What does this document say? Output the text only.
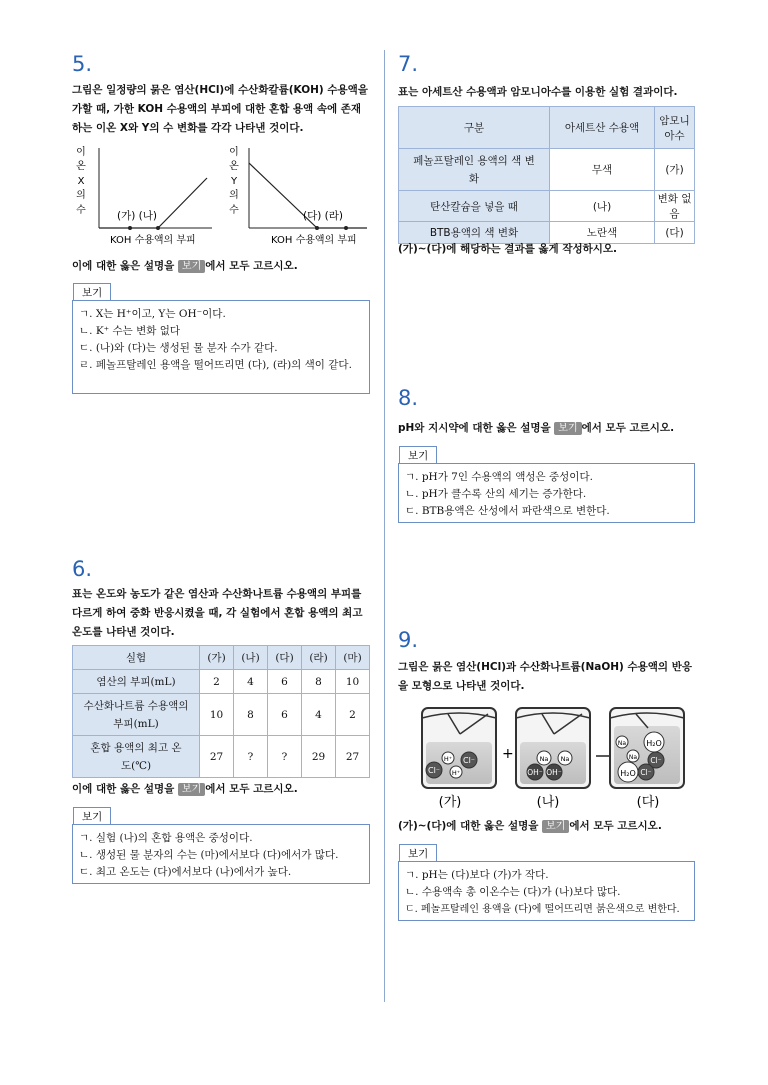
5.
그림은 일정량의 묽은 염산(HCl)에 수산화칼륨(KOH) 수용액을 가할 때, 가한 KOH 수용액의 부피에 대한 혼합 용액 속에 존재하는 이온 X와 Y의 수 변화를 각각 나타낸 것이다.
이
온
X
의
수	(가) (나)
KOH 수용액의 부피
이
온
Y
의
수	(다) (라)
KOH 수용액의 부피
이에 대한 옳은 설명을 보기 에서 모두 고르시오.
보기
ㄱ. X는 H⁺이고, Y는 OH⁻이다.
ㄴ. K⁺ 수는 변화 없다
ㄷ. (나)와 (다)는 생성된 물 분자 수가 같다.
ㄹ. 페놀프탈레인 용액을 떨어뜨리면 (다), (라)의 색이 같다.
6.
표는 온도와 농도가 같은 염산과 수산화나트륨 수용액의 부피를 다르게 하여 중화 반응시켰을 때, 각 실험에서 혼합 용액의 최고 온도를 나타낸 것이다.
실험	(가)	(나)	(다)	(라)	(마)
염산의 부피(mL)	2	4	6	8	10
수산화나트륨 수용액의 부피(mL)	10	8	6	4	2
혼합 용액의 최고 온도(℃)	27	?	?	29	27
이에 대한 옳은 설명을 보기 에서 모두 고르시오.
보기
ㄱ. 실험 (나)의 혼합 용액은 중성이다.
ㄴ. 생성된 물 분자의 수는 (마)에서보다 (다)에서가 많다.
ㄷ. 최고 온도는 (다)에서보다 (나)에서가 높다.
7.
표는 아세트산 수용액과 암모니아수를 이용한 실험 결과이다.
구분	아세트산 수용액	암모니아수
페놀프탈레인 용액의 색 변화	무색	(가)
탄산칼슘을 넣을 때	(나)	변화 없음
BTB용액의 색 변화	노란색	(다)
(가)~(다)에 해당하는 결과를 옳게 작성하시오.
8.
pH와 지시약에 대한 옳은 설명을 보기 에서 모두 고르시오.
보기
ㄱ. pH가 7인 수용액의 액성은 중성이다.
ㄴ. pH가 클수록 산의 세기는 증가한다.
ㄷ. BTB용액은 산성에서 파란색으로 변한다.
9.
그림은 묽은 염산(HCl)과 수산화나트륨(NaOH) 수용액의 반응을 모형으로 나타낸 것이다.
H⁺ Cl⁻
Cl⁻ H⁺
+	Na Na
OH⁻ OH⁻
Na	H₂O
Na Cl⁻
H₂O Cl⁻
(가)	(나)	(다)
(가)~(다)에 대한 옳은 설명을 보기 에서 모두 고르시오.
보기
ㄱ. pH는 (다)보다 (가)가 작다.
ㄴ. 수용액속 총 이온수는 (다)가 (나)보다 많다.
ㄷ. 페놀프탈레인 용액을 (다)에 떨어뜨리면 붉은색으로 변한다.
